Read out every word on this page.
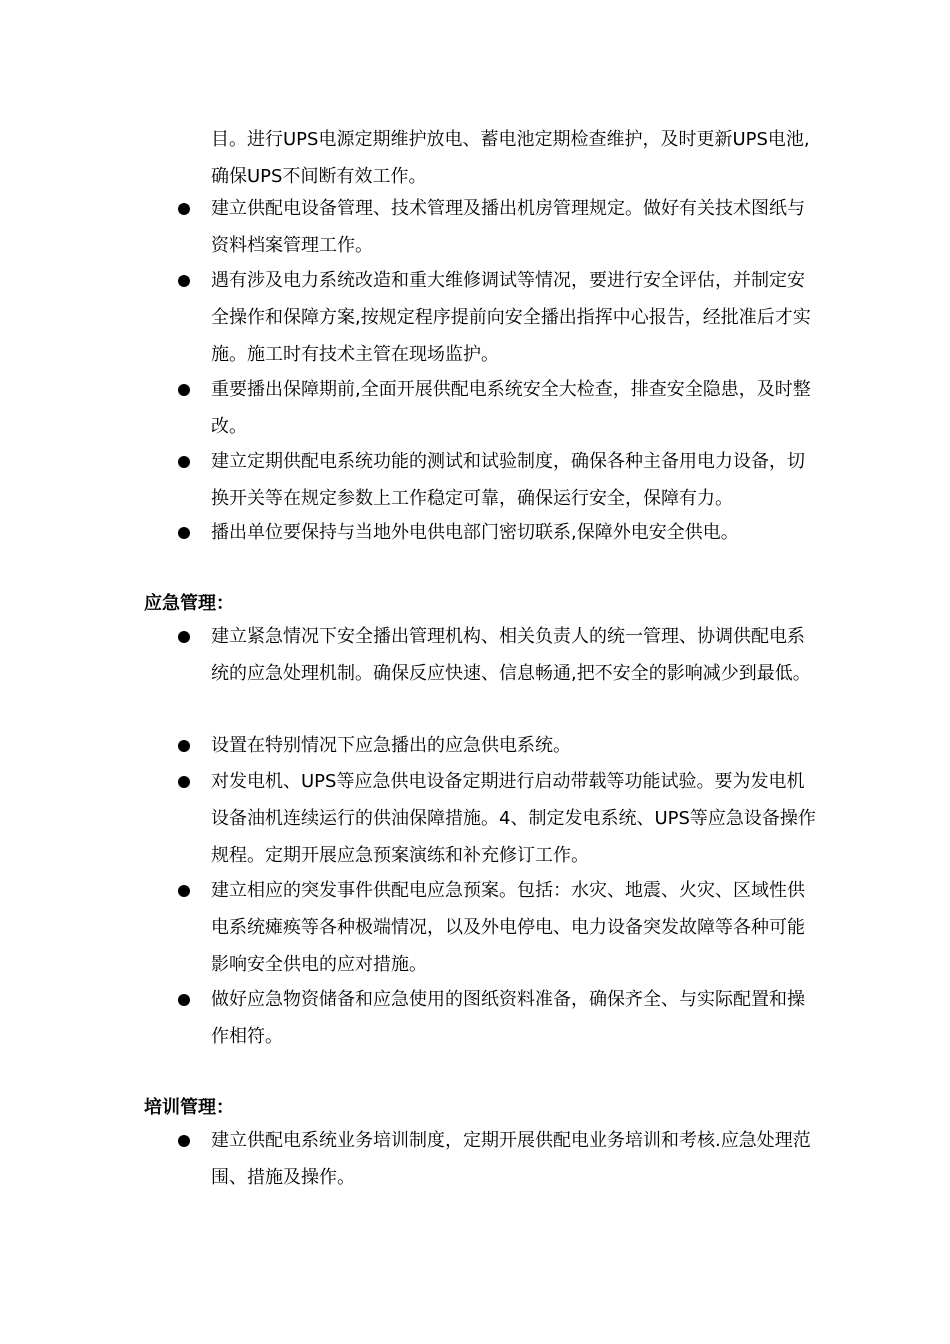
目。进行UPS电源定期维护放电、蓄电池定期检查维护，及时更新UPS电池,确保UPS不间断有效工作。
建立供配电设备管理、技术管理及播出机房管理规定。做好有关技术图纸与资料档案管理工作。
遇有涉及电力系统改造和重大维修调试等情况，要进行安全评估，并制定安全操作和保障方案,按规定程序提前向安全播出指挥中心报告，经批准后才实施。施工时有技术主管在现场监护。
重要播出保障期前,全面开展供配电系统安全大检查，排查安全隐患，及时整改。
建立定期供配电系统功能的测试和试验制度，确保各种主备用电力设备，切换开关等在规定参数上工作稳定可靠，确保运行安全，保障有力。
播出单位要保持与当地外电供电部门密切联系,保障外电安全供电。
应急管理：
建立紧急情况下安全播出管理机构、相关负责人的统一管理、协调供配电系统的应急处理机制。确保反应快速、信息畅通,把不安全的影响减少到最低。
设置在特别情况下应急播出的应急供电系统。
对发电机、UPS等应急供电设备定期进行启动带载等功能试验。要为发电机设备油机连续运行的供油保障措施。4、制定发电系统、UPS等应急设备操作规程。定期开展应急预案演练和补充修订工作。
建立相应的突发事件供配电应急预案。包括：水灾、地震、火灾、区域性供电系统瘫痪等各种极端情况，以及外电停电、电力设备突发故障等各种可能影响安全供电的应对措施。
做好应急物资储备和应急使用的图纸资料准备，确保齐全、与实际配置和操作相符。
培训管理：
建立供配电系统业务培训制度，定期开展供配电业务培训和考核.应急处理范围、措施及操作。
